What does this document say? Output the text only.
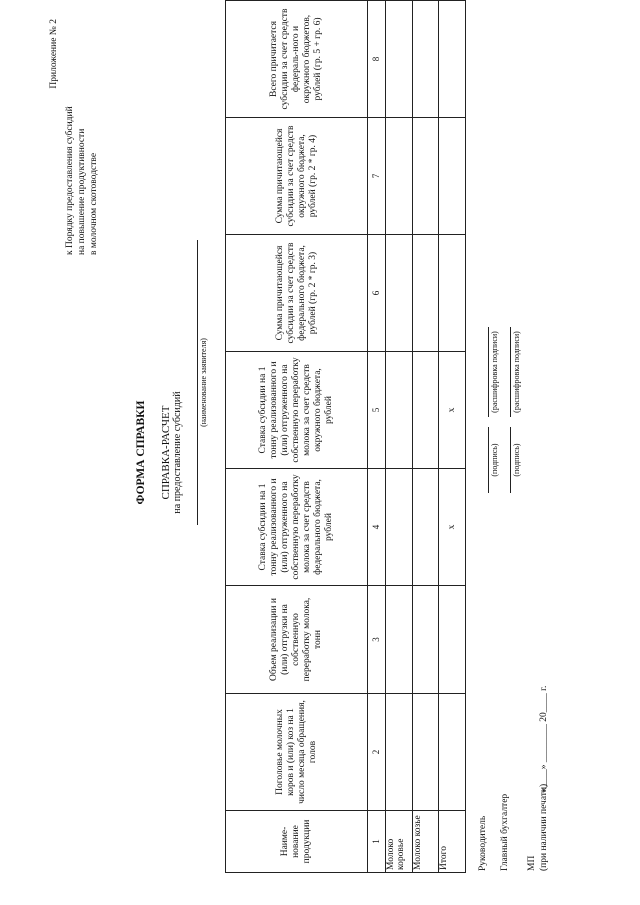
Приложение № 2
к Порядку предоставления субсидий на повышение продуктивности в молочном скотоводстве
ФОРМА СПРАВКИ СПРАВКА-РАСЧЕТ на предоставление субсидий
(наименование заявителя)
Наиме-нование продукции	Поголовье молочных коров и (или) коз на 1 число месяца обращения, голов	Объем реализации и (или) отгрузки на собственную переработку молока, тонн	Ставка субсидии на 1 тонну реализованного и (или) отгруженного на собственную переработку молока за счет средств федерального бюджета, рублей	Ставка субсидии на 1 тонну реализованного и (или) отгруженного на собственную переработку молока за счет средств окружного бюджета, рублей	Сумма причитающейся субсидии за счет средств федерального бюджета, рублей (гр. 2 * гр. 3)	Сумма причитающейся субсидии за счет средств окружного бюджета, рублей (гр. 2 * гр. 4)	Всего причитается субсидии за счет средств федераль-ного и окружного бюджетов, рублей (гр. 5 + гр. 6)
1	2	3	4	5	6	7	8
Молоко коровье							
Молоко козье							
Итого			х	х			
Руководитель
(подпись)
(расшифровка подписи)
Главный бухгалтер
(подпись)
(расшифровка подписи)
МП (при наличии печати)
«____» ________ 20____ г.
